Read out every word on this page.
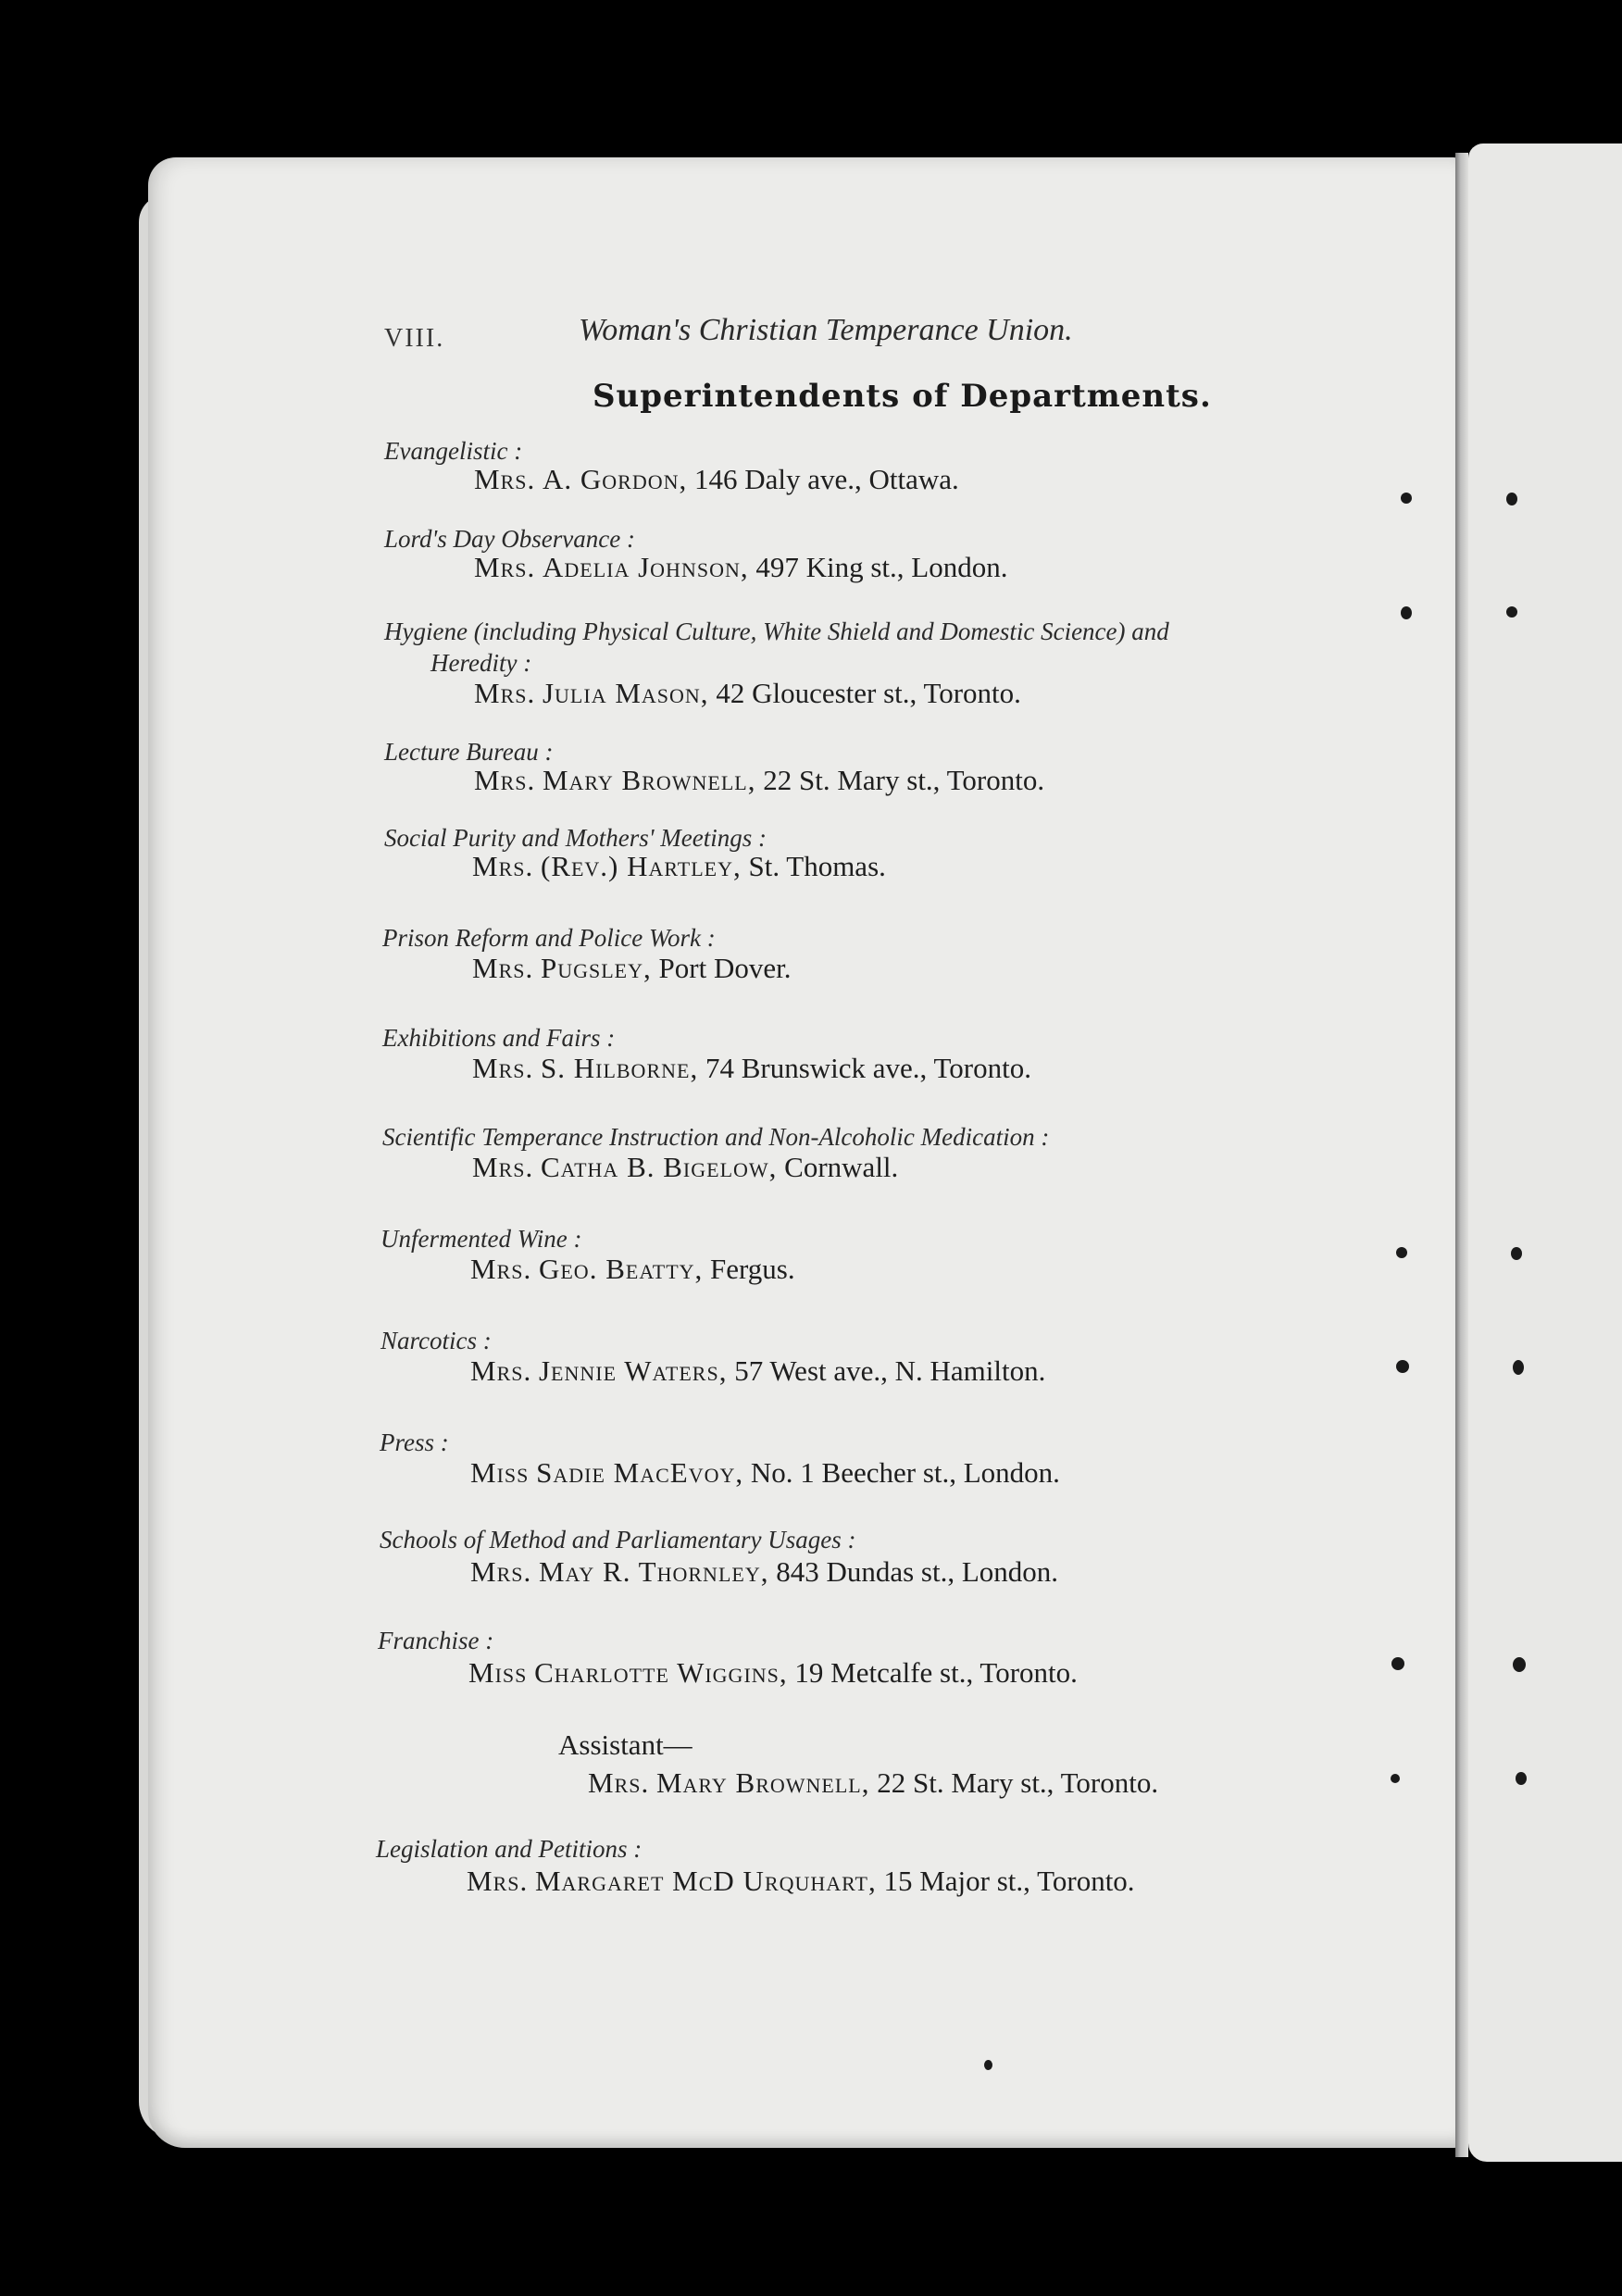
VIII.	Woman's Christian Temperance Union.
Superintendents of Departments.
Evangelistic :
Mrs. A. Gordon, 146 Daly ave., Ottawa.
Lord's Day Observance :
Mrs. Adelia Johnson, 497 King st., London.
Hygiene (including Physical Culture, White Shield and Domestic Science) and
Heredity :
Mrs. Julia Mason, 42 Gloucester st., Toronto.
Lecture Bureau :
Mrs. Mary Brownell, 22 St. Mary st., Toronto.
Social Purity and Mothers' Meetings :
Mrs. (Rev.) Hartley, St. Thomas.
Prison Reform and Police Work :
Mrs. Pugsley, Port Dover.
Exhibitions and Fairs :
Mrs. S. Hilborne, 74 Brunswick ave., Toronto.
Scientific Temperance Instruction and Non-Alcoholic Medication :
Mrs. Catha B. Bigelow, Cornwall.
Unfermented Wine :
Mrs. Geo. Beatty, Fergus.
Narcotics :
Mrs. Jennie Waters, 57 West ave., N. Hamilton.
Press :
Miss Sadie MacEvoy, No. 1 Beecher st., London.
Schools of Method and Parliamentary Usages :
Mrs. May R. Thornley, 843 Dundas st., London.
Franchise :
Miss Charlotte Wiggins, 19 Metcalfe st., Toronto.
Assistant—
Mrs. Mary Brownell, 22 St. Mary st., Toronto.
Legislation and Petitions :
Mrs. Margaret McD Urquhart, 15 Major st., Toronto.
